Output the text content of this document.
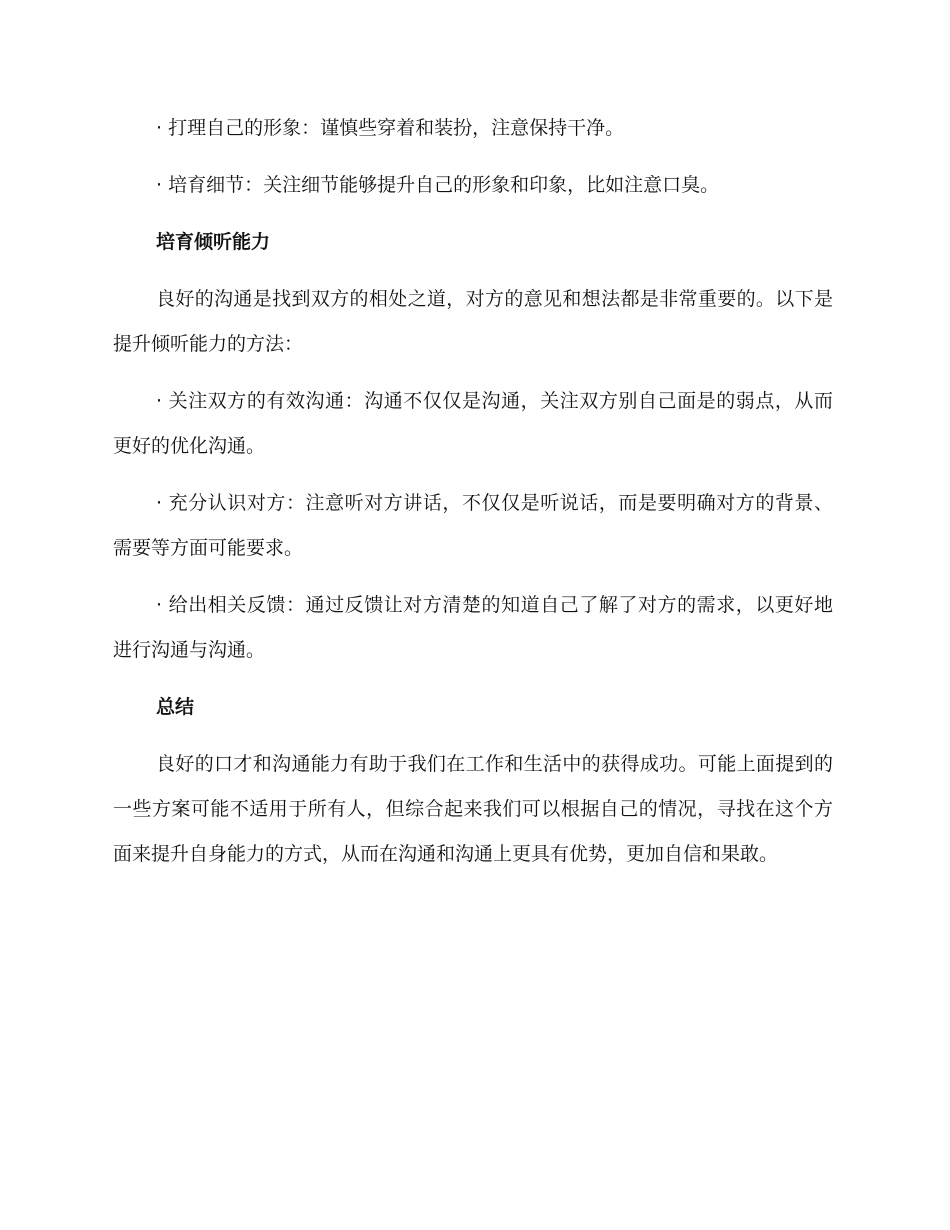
· 打理自己的形象：谨慎些穿着和装扮，注意保持干净。

· 培育细节：关注细节能够提升自己的形象和印象，比如注意口臭。

培育倾听能力

良好的沟通是找到双方的相处之道，对方的意见和想法都是非常重要的。以下是提升倾听能力的方法：

· 关注双方的有效沟通：沟通不仅仅是沟通，关注双方别自己面是的弱点，从而更好的优化沟通。

· 充分认识对方：注意听对方讲话，不仅仅是听说话，而是要明确对方的背景、需要等方面可能要求。

· 给出相关反馈：通过反馈让对方清楚的知道自己了解了对方的需求，以更好地进行沟通与沟通。

总结

良好的口才和沟通能力有助于我们在工作和生活中的获得成功。可能上面提到的一些方案可能不适用于所有人，但综合起来我们可以根据自己的情况，寻找在这个方面来提升自身能力的方式，从而在沟通和沟通上更具有优势，更加自信和果敢。
